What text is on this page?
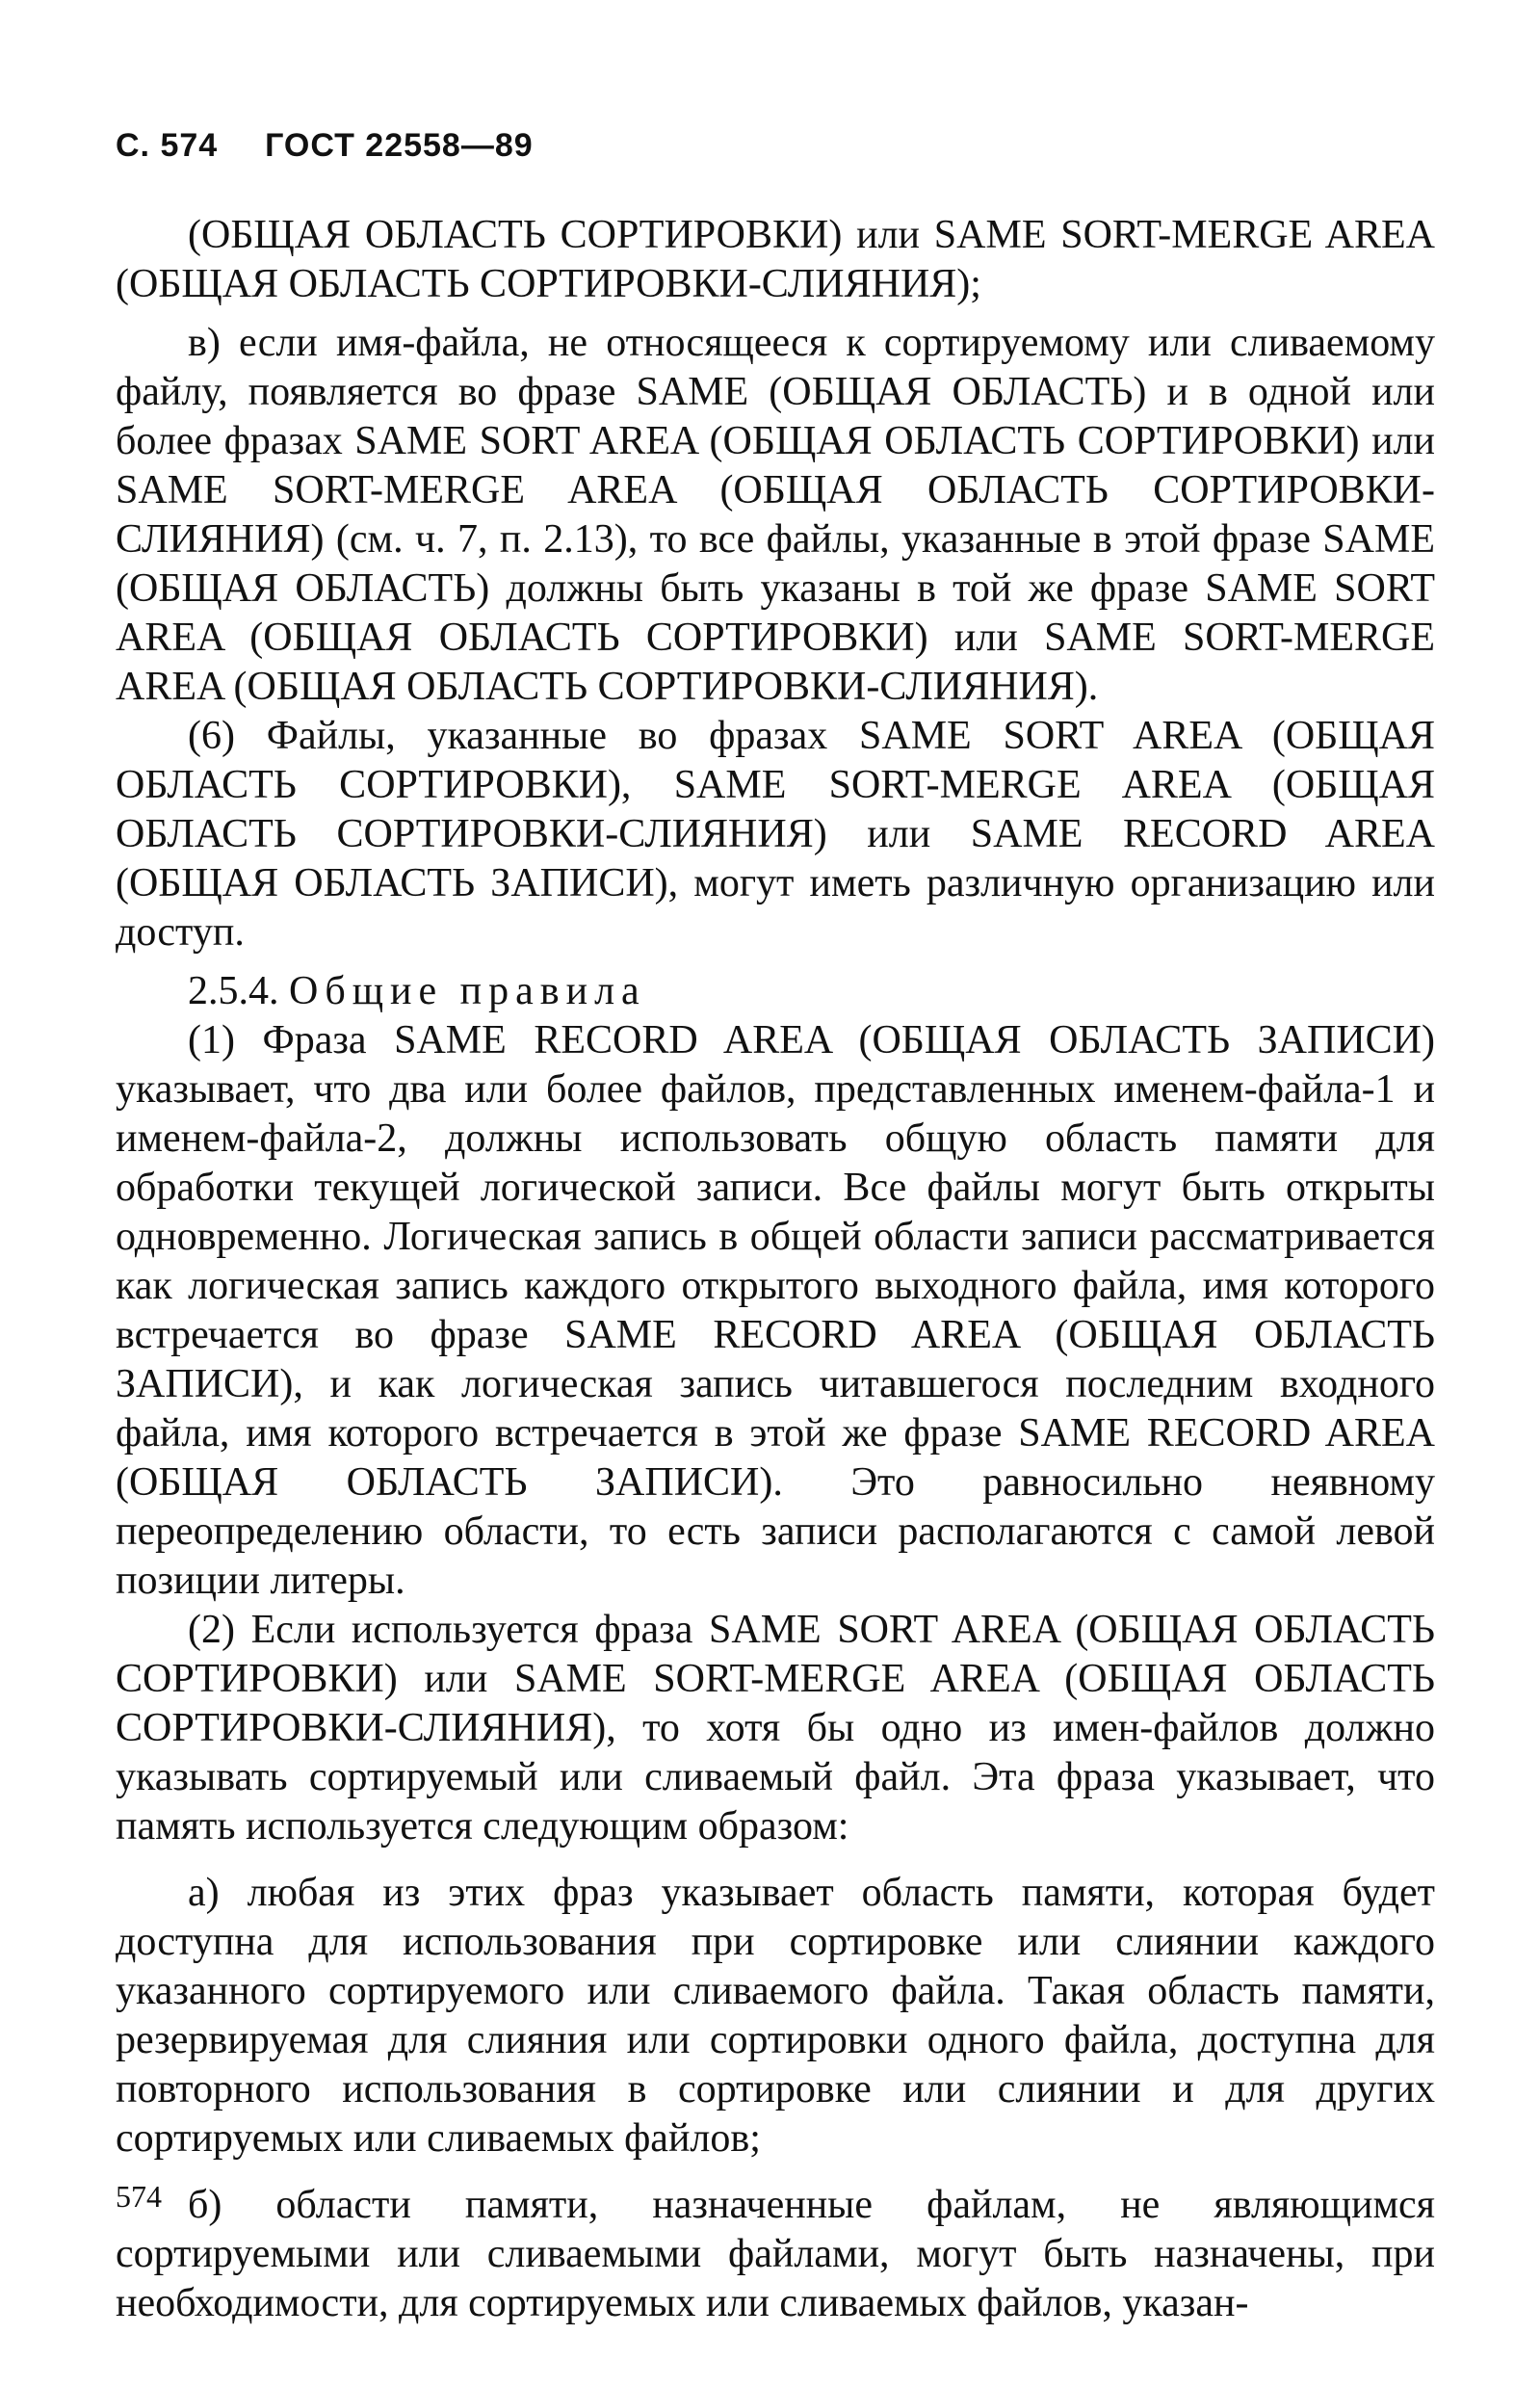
С. 574 ГОСТ 22558—89

(ОБЩАЯ ОБЛАСТЬ СОРТИРОВКИ) или SAME SORT-MERGE AREA (ОБЩАЯ ОБЛАСТЬ СОРТИРОВКИ-СЛИЯНИЯ);

в) если имя-файла, не относящееся к сортируемому или сливаемому файлу, появляется во фразе SAME (ОБЩАЯ ОБЛАСТЬ) и в одной или более фразах SAME SORT AREA (ОБЩАЯ ОБЛАСТЬ СОРТИРОВКИ) или SAME SORT-MERGE AREA (ОБЩАЯ ОБЛАСТЬ СОРТИРОВКИ-СЛИЯНИЯ) (см. ч. 7, п. 2.13), то все файлы, указанные в этой фразе SAME (ОБЩАЯ ОБЛАСТЬ) должны быть указаны в той же фразе SAME SORT AREA (ОБЩАЯ ОБЛАСТЬ СОРТИРОВКИ) или SAME SORT-MERGE AREA (ОБЩАЯ ОБЛАСТЬ СОРТИРОВКИ-СЛИЯНИЯ).

(6) Файлы, указанные во фразах SAME SORT AREA (ОБЩАЯ ОБЛАСТЬ СОРТИРОВКИ), SAME SORT-MERGE AREA (ОБЩАЯ ОБЛАСТЬ СОРТИРОВКИ-СЛИЯНИЯ) или SAME RECORD AREA (ОБЩАЯ ОБЛАСТЬ ЗАПИСИ), могут иметь различную организацию или доступ.

2.5.4. Общие правила

(1) Фраза SAME RECORD AREA (ОБЩАЯ ОБЛАСТЬ ЗАПИСИ) указывает, что два или более файлов, представленных именем-файла-1 и именем-файла-2, должны использовать общую область памяти для обработки текущей логической записи. Все файлы могут быть открыты одновременно. Логическая запись в общей области записи рассматривается как логическая запись каждого открытого выходного файла, имя которого встречается во фразе SAME RECORD AREA (ОБЩАЯ ОБЛАСТЬ ЗАПИСИ), и как логическая запись читавшегося последним входного файла, имя которого встречается в этой же фразе SAME RECORD AREA (ОБЩАЯ ОБЛАСТЬ ЗАПИСИ). Это равносильно неявному переопределению области, то есть записи располагаются с самой левой позиции литеры.

(2) Если используется фраза SAME SORT AREA (ОБЩАЯ ОБЛАСТЬ СОРТИРОВКИ) или SAME SORT-MERGE AREA (ОБЩАЯ ОБЛАСТЬ СОРТИРОВКИ-СЛИЯНИЯ), то хотя бы одно из имен-файлов должно указывать сортируемый или сливаемый файл. Эта фраза указывает, что память используется следующим образом:

а) любая из этих фраз указывает область памяти, которая будет доступна для использования при сортировке или слиянии каждого указанного сортируемого или сливаемого файла. Такая область памяти, резервируемая для слияния или сортировки одного файла, доступна для повторного использования в сортировке или слиянии и для других сортируемых или сливаемых файлов;

б) области памяти, назначенные файлам, не являющимся сортируемыми или сливаемыми файлами, могут быть назначены, при необходимости, для сортируемых или сливаемых файлов, указан-

574
